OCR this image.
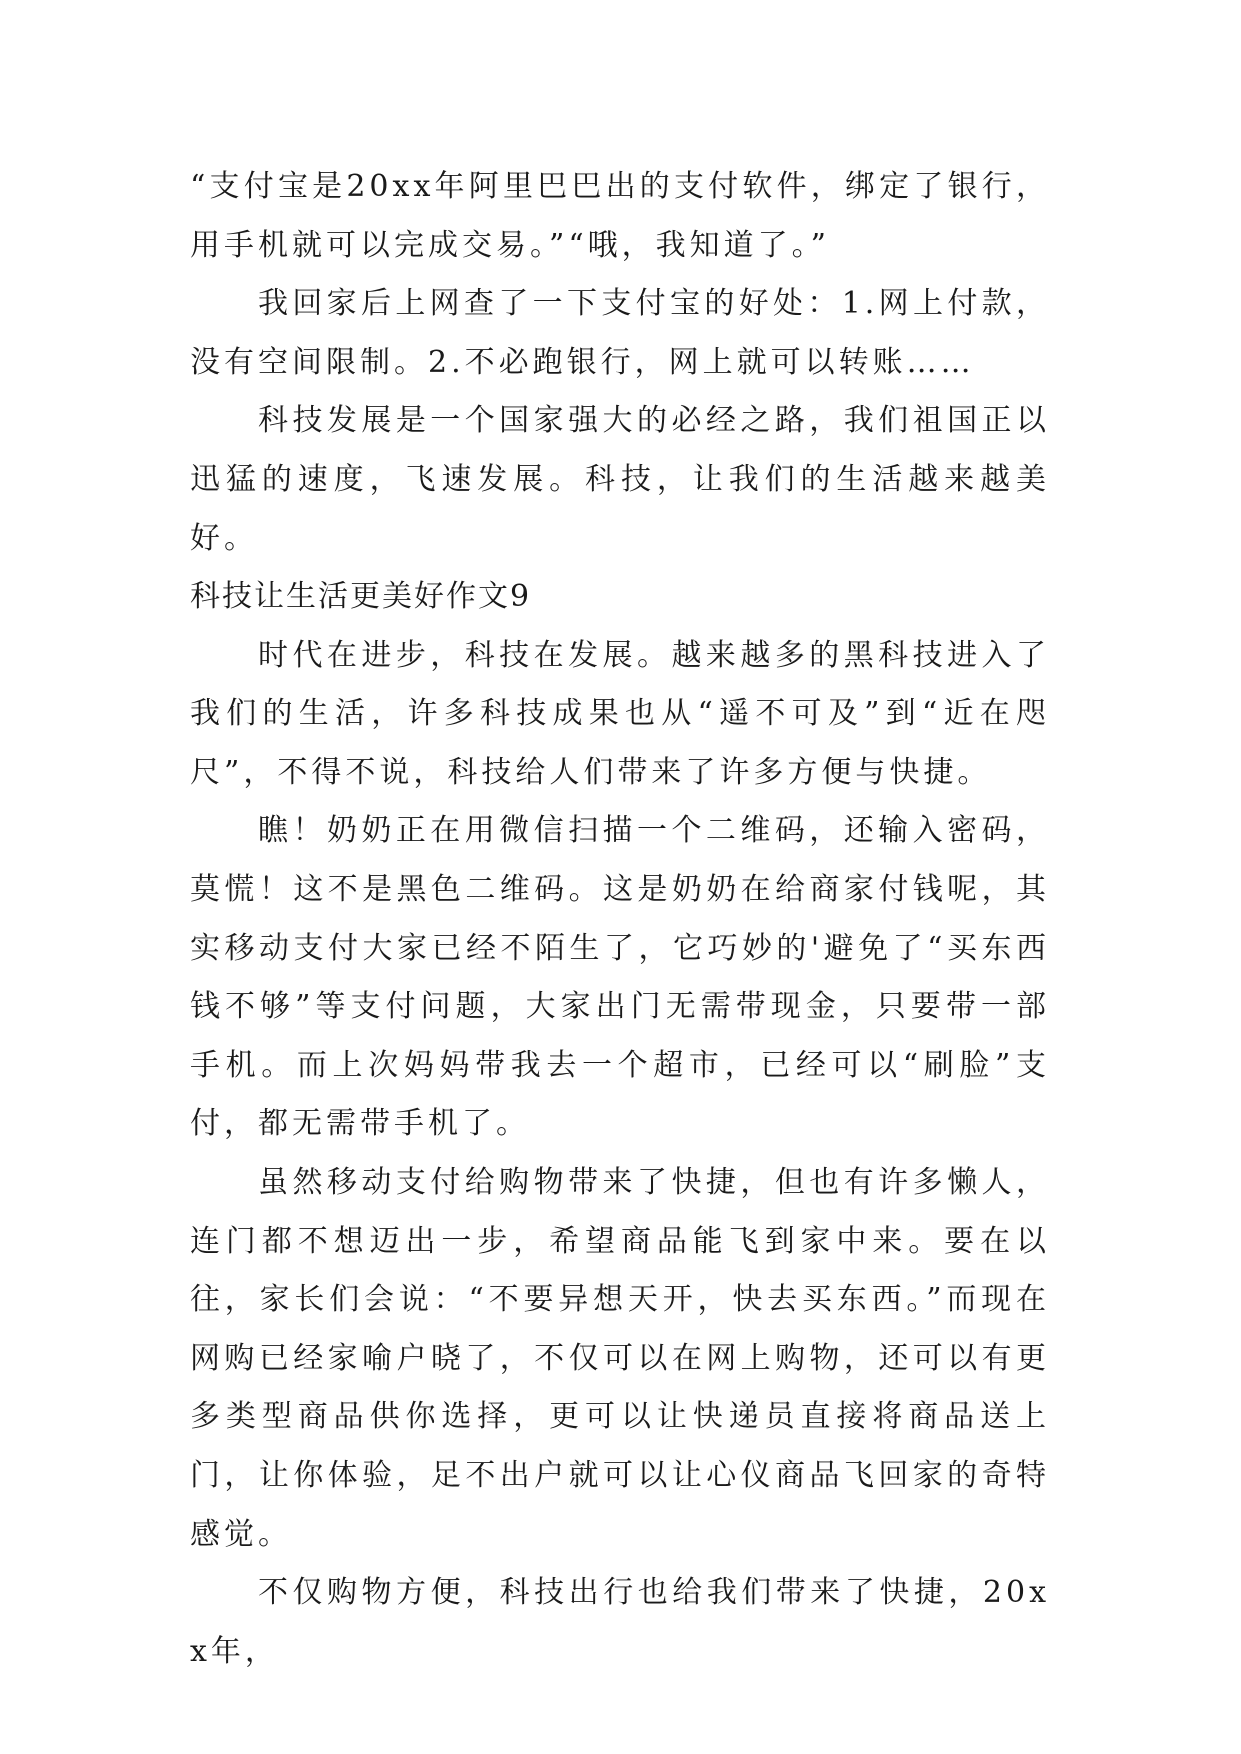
“支付宝是20xx年阿里巴巴出的支付软件，绑定了银行，用手机就可以完成交易。”“哦，我知道了。”

我回家后上网查了一下支付宝的好处：1.网上付款，没有空间限制。2.不必跑银行，网上就可以转账……

科技发展是一个国家强大的必经之路，我们祖国正以迅猛的速度，飞速发展。科技，让我们的生活越来越美好。

科技让生活更美好作文9

时代在进步，科技在发展。越来越多的黑科技进入了我们的生活，许多科技成果也从“遥不可及”到“近在咫尺”，不得不说，科技给人们带来了许多方便与快捷。

瞧！奶奶正在用微信扫描一个二维码，还输入密码，莫慌！这不是黑色二维码。这是奶奶在给商家付钱呢，其实移动支付大家已经不陌生了，它巧妙的'避免了“买东西钱不够”等支付问题，大家出门无需带现金，只要带一部手机。而上次妈妈带我去一个超市，已经可以“刷脸”支付，都无需带手机了。

虽然移动支付给购物带来了快捷，但也有许多懒人，连门都不想迈出一步，希望商品能飞到家中来。要在以往，家长们会说：“不要异想天开，快去买东西。”而现在网购已经家喻户晓了，不仅可以在网上购物，还可以有更多类型商品供你选择，更可以让快递员直接将商品送上门，让你体验，足不出户就可以让心仪商品飞回家的奇特感觉。

不仅购物方便，科技出行也给我们带来了快捷，20xx年，
